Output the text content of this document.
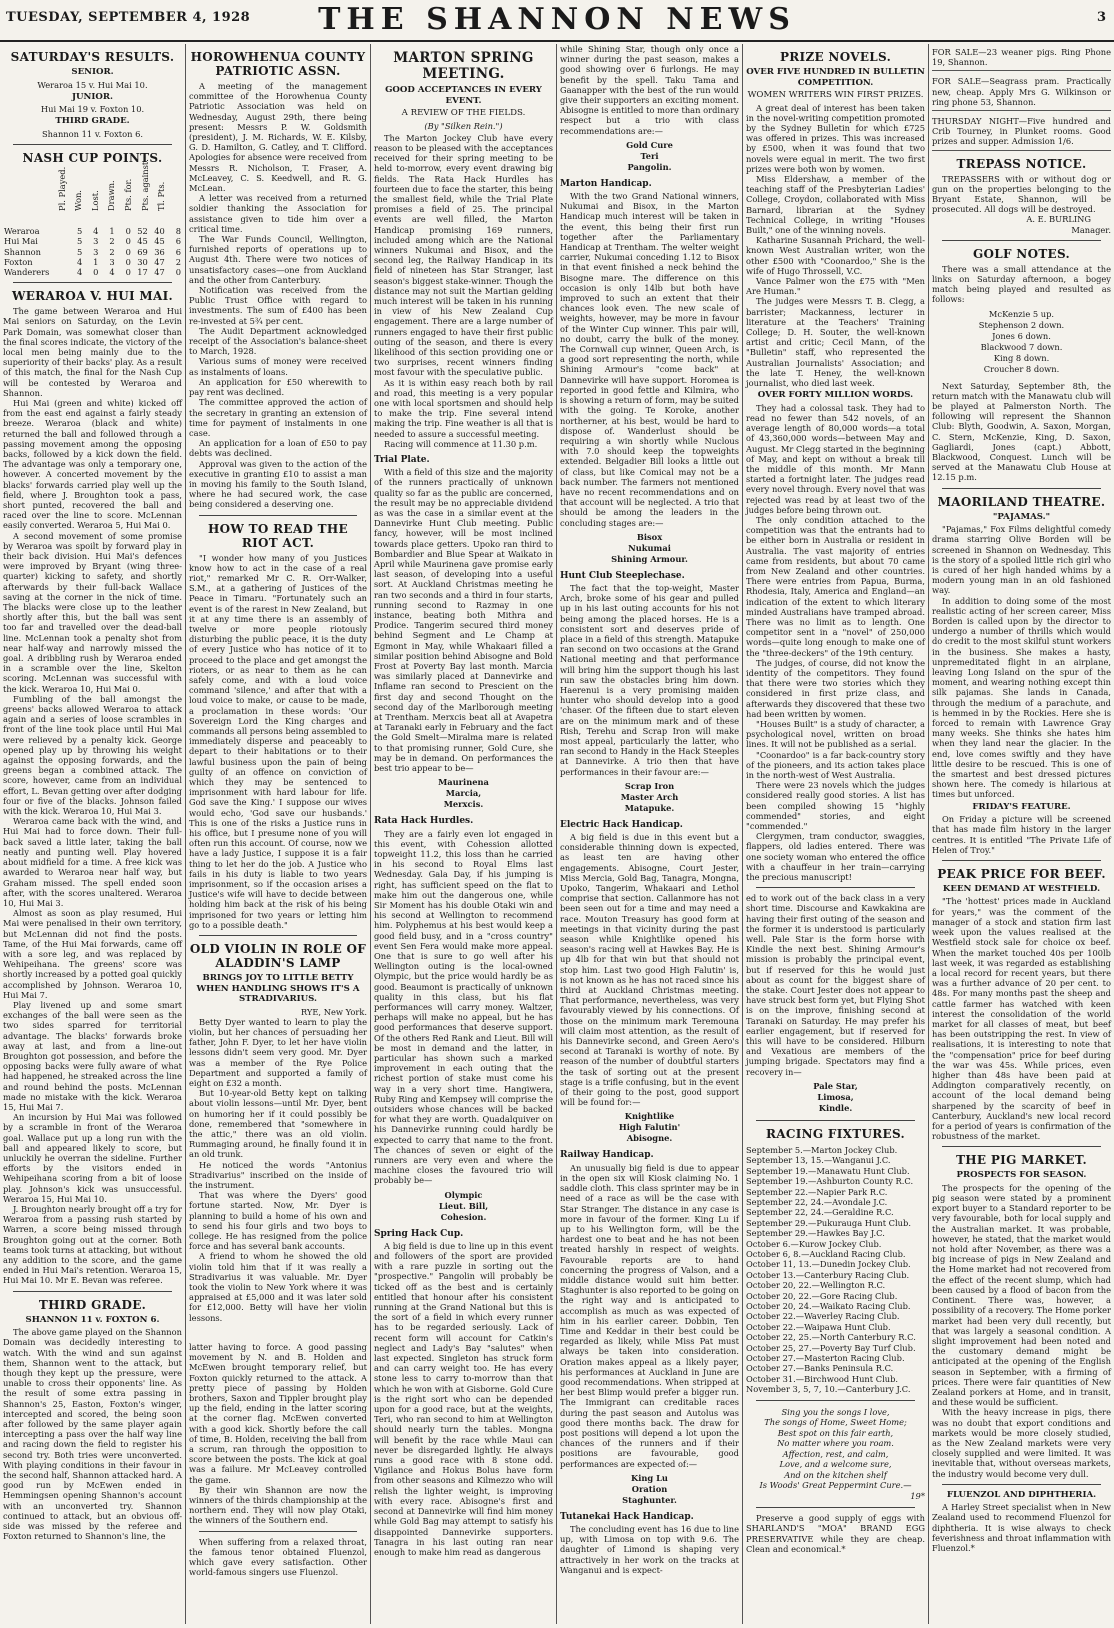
TUESDAY, SEPTEMBER 4, 1928	THE SHANNON NEWS	3
SATURDAY'S RESULTS.
SENIOR.
Weraroa 15 v. Hui Mai 10.
JUNIOR.
Hui Mai 19 v. Foxton 10.
THIRD GRADE.
Shannon 11 v. Foxton 6.
NASH CUP POINTS.
	Pl. Played.	Won.	Lost.	Drawn.	Pts. for.	Pts. against.	Tl. Pts.
Weraroa	5	4	1	0	52	40	8
Hui Mai	5	3	2	0	45	45	6
Shannon	5	3	2	0	69	36	6
Foxton	4	1	3	0	30	47	2
Wanderers	4	0	4	0	17	47	0
WERAROA V. HUI MAI.

The game between Weraroa and Hui Mai seniors on Saturday, on the Levin Park Domain, was somewhat closer than the final scores indicate, the victory of the local men being mainly due to the superiority of their backs' play. As a result of this match, the final for the Nash Cup will be contested by Weraroa and Shannon.

Hui Mai (green and white) kicked off from the east end against a fairly steady breeze. Weraroa (black and white) returned the ball and followed through a passing movement among the opposing backs, followed by a kick down the field. The advantage was only a temporary one, however. A concerted movement by the blacks' forwards carried play well up the field, where J. Broughton took a pass, short punted, recovered the ball and raced over the line to score. McLennan easily converted. Weraroa 5, Hui Mai 0.

A second movement of some promise by Weraroa was spoilt by forward play in their back division. Hui Mai's defences were improved by Bryant (wing three-quarter) kicking to safety, and shortly afterwards by their full-back Wallace saving at the corner in the nick of time. The blacks were close up to the leather shortly after this, but the ball was sent too far and travelled over the dead-ball line. McLennan took a penalty shot from near half-way and narrowly missed the goal. A dribbling rush by Weraroa ended in a scramble over the line, Skelton scoring. McLennan was successful with the kick. Weraroa 10, Hui Mai 0.

Fumbling of the ball amongst the greens' backs allowed Weraroa to attack again and a series of loose scrambles in front of the line took place until Hui Mai were relieved by a penalty kick. George opened play up by throwing his weight against the opposing forwards, and the greens began a combined attack. The score, however, came from an individual effort, L. Bevan getting over after dodging four or five of the blacks. Johnson failed with the kick. Weraroa 10, Hui Mai 3.

Weraroa came back with the wind, and Hui Mai had to force down. Their full-back saved a little later, taking the ball neatly and punting well. Play hovered about midfield for a time. A free kick was awarded to Weraroa near half way, but Graham missed. The spell ended soon after, with the scores unaltered. Weraroa 10, Hui Mai 3.

Almost as soon as play resumed, Hui Mai were penalised in their own territory, but McLennan did not find the posts. Tame, of the Hui Mai forwards, came off with a sore leg, and was replaced by Wehipeihana. The greens' score was shortly increased by a potted goal quickly accomplished by Johnson. Weraroa 10, Hui Mai 7.

Play livened up and some smart exchanges of the ball were seen as the two sides sparred for territorial advantage. The blacks' forwards broke away at last, and from a line-out Broughton got possession, and before the opposing backs were fully aware of what had happened, he streaked across the line and round behind the posts. McLennan made no mistake with the kick. Weraroa 15, Hui Mai 7.

An incursion by Hui Mai was followed by a scramble in front of the Weraroa goal. Wallace put up a long run with the ball and appeared likely to score, but unluckily he overran the sideline. Further efforts by the visitors ended in Wehipeihana scoring from a bit of loose play. Johnson's kick was unsuccessful. Weraroa 15, Hui Mai 10.

J. Broughton nearly brought off a try for Weraroa from a passing rush started by Warren, a score being missed through Broughton going out at the corner. Both teams took turns at attacking, but without any addition to the score, and the game ended in Hui Mai's retention. Weraroa 15, Hui Mai 10. Mr E. Bevan was referee.

THIRD GRADE.
SHANNON 11 v. FOXTON 6.

The above game played on the Shannon Domain was decidedly interesting to watch. With the wind and sun against them, Shannon went to the attack, but though they kept up the pressure, were unable to cross their opponents' line. As the result of some extra passing in Shannon's 25, Easton, Foxton's winger, intercepted and scored, the being soon after followed by the same player again intercepting a pass over the half way line and racing down the field to register his second try. Both tries were unconverted. With playing conditions in their favour in the second half, Shannon attacked hard. A good run by McEwen ended in Hemmingsen opening Shannon's account with an unconverted try. Shannon continued to attack, but an obvious off-side was missed by the referee and Foxton returned to Shannon's line, the

HOROWHENUA COUNTY PATRIOTIC ASSN.

A meeting of the management committee of the Horowhenua County Patriotic Association was held on Wednesday, August 29th, there being present: Messrs P. W. Goldsmith (president), J. M. Richards, W. E. Kilsby, G. D. Hamilton, G. Catley, and T. Clifford. Apologies for absence were received from Messrs R. Nicholson, T. Fraser, A. McLeavey, C. S. Keedwell, and R. G. McLean.

A letter was received from a returned soldier thanking the Association for assistance given to tide him over a critical time.

The War Funds Council, Wellington, furnished reports of operations up to August 4th. There were two notices of unsatisfactory cases—one from Auckland and the other from Canterbury.

Notification was received from the Public Trust Office with regard to investments. The sum of £400 has been re-invested at 5¾ per cent.

The Audit Department acknowledged receipt of the Association's balance-sheet to March, 1928.

Various sums of money were received as instalments of loans.

An application for £50 wherewith to pay rent was declined.

The committee approved the action of the secretary in granting an extension of time for payment of instalments in one case.

An application for a loan of £50 to pay debts was declined.

Approval was given to the action of the executive in granting £10 to assist a man in moving his family to the South Island, where he had secured work, the case being considered a deserving one.

HOW TO READ THE RIOT ACT.

"I wonder how many of you Justices know how to act in the case of a real riot," remarked Mr C. R. Orr-Walker, S.M., at a gathering of Justices of the Peace in Timaru. "Fortunately such an event is of the rarest in New Zealand, but it at any time there is an assembly of twelve or more people riotously disturbing the public peace, it is the duty of every Justice who has notice of it to proceed to the place and get amongst the rioters, or as near to them as he can safely come, and with a loud voice command 'silence,' and after that with a loud voice to make, or cause to be made, a proclamation in these words: 'Our Sovereign Lord the King charges and commands all persons being assembled to immediately disperse and peaceably to depart to their habitations or to their lawful business upon the pain of being guilty of an offence on conviction of which they may be sentenced to imprisonment with hard labour for life. God save the King.' I suppose our wives would echo, 'God save our husbands.' This is one of the risks a Justice runs in his office, but I presume none of you will often run this account. Of course, now we have a lady Justice, I suppose it is a fair thing to let her do the job. A Justice who fails in his duty is liable to two years imprisonment, so if the occasion arises a Justice's wife will have to decide between holding him back at the risk of his being imprisoned for two years or letting him go to a possible death."

OLD VIOLIN IN ROLE OF ALADDIN'S LAMP
BRINGS JOY TO LITTLE BETTY WHEN HANDLING SHOWS IT'S A STRADIVARIUS.
RYE, New York.

Betty Dyer wanted to learn to play the violin, but her chances of persuading her father, John F. Dyer, to let her have violin lessons didn't seem very good. Mr. Dyer was a member of the Rye Police Department and supported a family of eight on £32 a month.

But 10-year-old Betty kept on talking about violin lessons—until Mr. Dyer, bent on humoring her if it could possibly be done, remembered that "somewhere in the attic," there was an old violin. Rummaging around, he finally found it in an old trunk.

He noticed the words "Antonius Stradivarius" inscribed on the inside of the instrument.

That was where the Dyers' good fortune started. Now, Mr. Dyer is planning to build a home of his own and to send his four girls and two boys to college. He has resigned from the police force and has several bank accounts.

A friend to whom he showed the old violin told him that if it was really a Stradivarius it was valuable. Mr. Dyer took the violin to New York where it was appraised at £5,000 and it was later sold for £12,000. Betty will have her violin lessons.

latter having to force. A good passing movement by N. and B. Holden and McEwen brought temporary relief, but Foxton quickly returned to the attack. A pretty piece of passing by Holden brothers, Saxon and Tippler brought play up the field, ending in the latter scoring at the corner flag. McEwen converted with a good kick. Shortly before the call of time, B. Holden, receiving the ball from a scrum, ran through the opposition to score between the posts. The kick at goal was a failure. Mr McLeavey controlled the game.

By their win Shannon are now the winners of the thirds championship at the northern end. They will now play Otaki, the winners of the Southern end.

When suffering from a relaxed throat, the famous tenor obtained Fluenzol, which gave every satisfaction. Other world-famous singers use Fluenzol.

MARTON SPRING MEETING.
GOOD ACCEPTANCES IN EVERY EVENT.
A REVIEW OF THE FIELDS.
(By "Silken Rein.")

The Marton Jockey Club have every reason to be pleased with the acceptances received for their spring meeting to be held to-morrow, every event drawing big fields. The Rata Hack Hurdles has fourteen due to face the starter, this being the smallest field, while the Trial Plate promises a field of 25. The principal events are well filled, the Marton Handicap promising 169 runners, included among which are the National winners Nukumai and Bisox, and the second leg, the Railway Handicap in its field of nineteen has Star Stranger, last season's biggest stake-winner. Though the distance may not suit the Martian gelding much interest will be taken in his running in view of his New Zealand Cup engagement. There are a large number of runners engaged to have their first public outing of the season, and there is every likelihood of this section providing one or two surprises, recent winners finding most favour with the speculative public.

As it is within easy reach both by rail and road, this meeting is a very popular one with local sportsmen and should help to make the trip. Fine several intend making the trip. Fine weather is all that is needed to assure a successful meeting.

Racing will commence at 11.30 p.m.

Trial Plate.

With a field of this size and the majority of the runners practically of unknown quality so far as the public are concerned, the result may be no appreciable dividend as was the case in a similar event at the Dannevirke Hunt Club meeting. Public fancy, however, will be most inclined towards place getters. Upoko ran third to Bombardier and Blue Spear at Waikato in April while Maurinena gave promise early last season, of developing into a useful sort. At Auckland Christmas meeting he ran two seconds and a third in four starts, running second to Razmay in one instance, beating both Mithra and Prodice. Tangerim secured third money behind Segment and Le Champ at Egmont in May, while Whakaari filled a similar position behind Abisogne and Bold Frost at Poverty Bay last month. Marcia was similarly placed at Dannevirke and Inflame ran second to Prescient on the first day and second Thought on the second day of the Marlborough meeting at Trentham. Merxcis beat all at Avapetra at Taranaki early in February and the fact the Gold Smelt—Miralma mare is related to that promising runner, Gold Cure, she may be in demand. On performances the best trio appear to be—

Maurinena
Marcia,
Merxcis.
Rata Hack Hurdles.

They are a fairly even lot engaged in this event, with Cohession allotted topweight 11.2, this loss than he carried in his second to Royal Elms last Wednesday. Gala Day, if his jumping is right, has sufficient speed on the flat to make him out the dangerous one, while Sir Moment has his double Otaki win and his second at Wellington to recommend him. Polyphemus at his best would keep a good field busy, and in a "cross country" event Sen Fera would make more appeal. One that is sure to go well after his Wellington outing is the local-owned Olympic, but the price would hardly be as good. Beaumont is practically of unknown quality in this class, but his flat performances will carry money. Waltzer, perhaps will make no appeal, but he has good performances that deserve support. Of the others Red Rank and Lieut. Bill will be most in demand and the latter, in particular has shown such a marked improvement in each outing that the richest portion of stake must come his way in a very short time. Hangiwera, Ruby Ring and Kempsey will comprise the outsiders whose chances will be backed for what they are worth. Quadalquiver on his Dannevirke running could hardly be expected to carry that name to the front. The chances of seven or eight of the runners are very even and where the machine closes the favoured trio will probably be—

Olympic
Lieut. Bill,
Cohesion.
Spring Hack Cup.

A big field is due to line up in this event and followers of the sport are provided with a rare puzzle in sorting out the "prospective." Pangolin will probably be ticked off as the best and is certainly entitled that honour after his consistent running at the Grand National but this is the sort of a field in which every runner has to be regarded seriously. Lack of recent form will account for Catkin's neglect and Lady's Bay "salutes" when last expected. Singleton has struck form and can carry weight too. He has every stone less to carry to-morrow than that which he won with at Gisborne. Gold Cure is the right sort who can be depended upon for a good race, but at the weights, Teri, who ran second to him at Wellington should nearly turn the tables. Mongna will benefit by the race while Maui can never be disregarded lightly. He always runs a good race with 8 stone odd. Vigilance and Hokus Bolus have form from other seasons and Kilmezzo who will relish the lighter weight, is improving with every race. Abisogne's first and second at Dannevirke will find him money while Gold Bag may attempt to satisfy his disappointed Dannevirke supporters. Tanagra in his last outing ran near enough to make him read as dangerous

while Shining Star, though only once a winner during the past season, makes a good showing over 6 furlongs. He may benefit by the spell. Taku Tama and Gaanapper with the best of the run would give their supporters an exciting moment. Abisogne is entitled to more than ordinary respect but a trio with class recommendations are:—

Gold Cure
Teri
Pangolin.
Marton Handicap.

With the two Grand National winners, Nukumai and Bisox, in the Marton Handicap much interest will be taken in the event, this being their first run together after the Parliamentary Handicap at Trentham. The welter weight carrier, Nukumai conceding 1.12 to Bisox in that event finished a neck behind the Bisogne mare. The difference on this occasion is only 14lb but both have improved to such an extent that their chances look even. The new scale of weights, however, may be more in favour of the Winter Cup winner. This pair will, no doubt, carry the bulk of the money. The Cornwall cup winner, Queen Arch, is a good sort representing the north, while Shining Armour's "come back" at Dannevirke will have support. Horomea is reported in good fettle and Kilmira, who is showing a return of form, may be suited with the going. Te Koroke, another northerner, at his best, would be hard to dispose of. Wanderlust should be requiring a win shortly while Nuclous with 7.0 should keep the topweights extended. Belgadier Bill looks a little out of class, but like Comical may not be a back number. The farmers not mentioned have no recent recommendations and on that account will be neglected. A trio that should be among the leaders in the concluding stages are:—

Bisox
Nukumai
Shining Armour.
Hunt Club Steeplechase.

The fact that the top-weight, Master Arch, broke some of his gear and pulled up in his last outing accounts for his not being among the placed horses. He is a consistent sort and deserves pride of place in a field of this strength. Matapuke ran second on two occasions at the Grand National meeting and that performance will bring him the support though his last run saw the obstacles bring him down. Haerenui is a very promising maiden hunter who should develop into a good 'chaser. Of the fifteen due to start eleven are on the minimum mark and of these Rish, Terehu and Scrap Iron will make most appeal, particularly the latter, who ran second to Handy in the Hack Steeples at Dannevirke. A trio then that have performances in their favour are:—

Scrap Iron
Master Arch
Matapuke.
Electric Hack Handicap.

A big field is due in this event but a considerable thinning down is expected, as least ten are having other engagements. Abisogne, Court Jester, Miss Mercia, Gold Bag, Tanagra, Mongna, Upoko, Tangerim, Whakaari and Lethol comprise that section. Callanmore has not been seen out for a time and may need a race. Mouton Treasury has good form at meetings in that vicinity during the past season while Knightlike opened his season's racing well at Hawkes Bay. He is up 4lb for that win but that should not stop him. Last two good High Falutin' is, is not known as he has not raced since his third at Auckland Christmas meeting. That performance, nevertheless, was very favourably viewed by his connections. Of those on the minimum mark Teremouna will claim most attention, as the result of his Dannevirke second, and Green Aero's second at Taranaki is worthy of note. By reason of the number of doubtful starters the task of sorting out at the present stage is a trifle confusing, but in the event of their going to the post, good support will be found for:—

Knightlike
High Falutin'
Abisogne.
Railway Handicap.

An unusually big field is due to appear in the open six will Kiosk claiming No. 1 saddle cloth. This class sprinter may be in need of a race as will be the case with Star Stranger. The distance in any case is more in favour of the former. King Lu if up to his Wellington form, will be the hardest one to beat and he has not been treated harshly in respect of weights. Favourable reports are to hand concerning the progress of Valson, and a middle distance would suit him better. Staghunter is also reported to be going on the right way and is anticipated to accomplish as much as was expected of him in his earlier career. Dobbin, Ten Time and Keddar in their best could be regarded as likely, while Miss Pat must always be taken into consideration. Oration makes appeal as a likely payer, his performances at Auckland in June are good recommendations. When stripped at her best Blimp would prefer a bigger run. The Immigrant can creditable races during the past season and Autolus was good there months back. The draw for post positions will depend a lot upon the chances of the runners and if their positions are favourable, good performances are expected of:—

King Lu
Oration
Staghunter.
Tutanekai Hack Handicap.

The concluding event has 16 due to line up, with Limosa on top with 9.6. The daughter of Limond is shaping very attractively in her work on the tracks at Wanganui and is expect-

PRIZE NOVELS.
OVER FIVE HUNDRED IN BULLETIN COMPETITION.
WOMEN WRITERS WIN FIRST PRIZES.

A great deal of interest has been taken in the novel-writing competition promoted by the Sydney Bulletin for which £725 was offered in prizes. This was increased by £500, when it was found that two novels were equal in merit. The two first prizes were both won by women.

Miss Eldershaw, a member of the teaching staff of the Presbyterian Ladies' College, Croydon, collaborated with Miss Barnard, librarian at the Sydney Technical College, in writing "Houses Built," one of the winning novels.

Katharine Susannah Prichard, the well-known West Australian writer, won the other £500 with "Coonardoo," She is the wife of Hugo Throssell, V.C.

Vance Palmer won the £75 with "Men Are Human."

The judges were Messrs T. B. Clegg, a barrister; Mackanness, lecturer in literature at the Teachers' Training College; D. H. Souter, the well-known artist and critic; Cecil Mann, of the "Bulletin" staff, who represented the Australian Journalists' Association; and the late T. Heney, the well-known journalist, who died last week.

OVER FORTY MILLION WORDS.

They had a colossal task. They had to read no fewer than 542 novels, of an average length of 80,000 words—a total of 43,360,000 words—between May and August. Mr Clegg started in the beginning of May, and kept on without a break till the middle of this month. Mr Mann started a fortnight later. The judges read every novel through. Every novel that was rejected was read by at least two of the judges before being thrown out.

The only condition attached to the competition was that the entrants had to be either born in Australia or resident in Australia. The vast majority of entries came from residents, but about 70 came from New Zealand and other countries. There were entries from Papua, Burma, Rhodesia, Italy, America and England—an indication of the extent to which literary minded Australians have tramped abroad. There was no limit as to length. One competitor sent in a "novel" of 250,000 words—quite long enough to make one of the "three-deckers" of the 19th century.

The judges, of course, did not know the identity of the competitors. They found that there were two stories which they considered in first prize class, and afterwards they discovered that these two had been written by women.

"Houses Built" is a study of character, a psychological novel, written on broad lines. It will not be published as a serial.

"Coonardoo" is a far back-country story of the pioneers, and its action takes place in the north-west of West Australia.

There were 23 novels which the judges considered really good stories. A list has been compiled showing 15 "highly commended" stories, and eight "commended."

Clergymen, tram conductor, swaggies, flappers, old ladies entered. There was one society woman who entered the office with a chauffeur in her train—carrying the precious manuscript!

ed to work out of the back class in a very short time. Discourse and Kawkakina are having their first outing of the season and the former it is understood is particularly well. Pale Star is the form horse with Kindle the next best. Shining Armour's mission is probably the principal event, but if reserved for this he would just about as count for the biggest share of the stake. Court Jester does not appear to have struck best form yet, but Flying Shot is on the improve, finishing second at Taranaki on Saturday. He may prefer his earlier engagement, but if reserved for this will have to be considered. Hilburn and Vexatious are members of the jumping brigade. Spectators may find a recovery in—

Pale Star,
Limosa,
Kindle.
RACING FIXTURES.
September 5.—Marton Jockey Club.
September 13, 15.—Wanganui J.C.
September 19.—Manawatu Hunt Club.
September 19.—Ashburton County R.C.
September 22.—Napier Park R.C.
September 22, 24.—Avondale J.C.
September 22, 24.—Geraldine R.C.
September 29.—Pukurauga Hunt Club.
September 29.—Hawkes Bay J.C.
October 6.—Kurow Jockey Club.
October 6, 8.—Auckland Racing Club.
October 11, 13.—Dunedin Jockey Club.
October 13.—Canterbury Racing Club.
October 20, 22.—Wellington R.C.
October 20, 22.—Gore Racing Club.
October 20, 24.—Waikato Racing Club.
October 22.—Waverley Racing Club.
October 22.—Waipawa Hunt Club.
October 22, 25.—North Canterbury R.C.
October 25, 27.—Poverty Bay Turf Club.
October 27.—Masterton Racing Club.
October 27.—Banks Peninsula R.C.
October 31.—Birchwood Hunt Club.
November 3, 5, 7, 10.—Canterbury J.C.
Sing you the songs I love,
The songs of Home, Sweet Home;
Best spot on this fair earth,
No matter where you roam.
Affection, rest, and calm,
Love, and a welcome sure,
And on the kitchen shelf
Is Woods' Great Peppermint Cure.—
19*

Preserve a good supply of eggs with SHARLAND'S "MOA" BRAND EGG PRESERVATIVE while they are cheap. Clean and economical.*

FOR SALE—23 weaner pigs. Ring Phone 19, Shannon.

FOR SALE—Seagrass pram. Practically new, cheap. Apply Mrs G. Wilkinson or ring phone 53, Shannon.

THURSDAY NIGHT—Five hundred and Crib Tourney, in Plunket rooms. Good prizes and supper. Admission 1/6.

TREPASS NOTICE.

TREPASSERS with or without dog or gun on the properties belonging to the Bryant Estate, Shannon, will be prosecuted. All dogs will be destroyed.

A. E. BURLING
Manager.
GOLF NOTES.

There was a small attendance at the links on Saturday afternoon, a bogey match being played and resulted as follows:

McKenzie 5 up.
Stephenson 2 down.
Jones 6 down.
Blackwood 7 down.
King 8 down.
Croucher 8 down.

Next Saturday, September 8th, the return match with the Manawatu club will be played at Palmerston North. The following will represent the Shannon Club: Blyth, Goodwin, A. Saxon, Morgan, C. Stern, McKenzie, King, D. Saxon, Gagliardi, Jones (capt.) Abbott, Blackwood, Conquest. Lunch will be served at the Manawatu Club House at 12.15 p.m.

MAORILAND THEATRE.
"PAJAMAS."

"Pajamas," Fox Films delightful comedy drama starring Olive Borden will be screened in Shannon on Wednesday. This is the story of a spoiled little rich girl who is cured of her high handed whims by a modern young man in an old fashioned way.

In addition to doing some of the most realistic acting of her screen career, Miss Borden is called upon by the director to undergo a number of thrills which would do credit to the most skilful stunt workers in the business. She makes a hasty, unpremeditated flight in an airplane, leaving Long Island on the spur of the moment, and wearing nothing except thin silk pajamas. She lands in Canada, through the medium of a parachute, and is hemmed in by the Rockies. Here she is forced to remain with Lawrence Gray many weeks. She thinks she hates him when they land near the glacier. In the end, love comes swiftly and they have little desire to be rescued. This is one of the smartest and best dressed pictures shown here. The comedy is hilarious at times but unforced.

FRIDAY'S FEATURE.

On Friday a picture will be screened that has made film history in the larger centres. It is entitled "The Private Life of Helen of Troy."

PEAK PRICE FOR BEEF.
KEEN DEMAND AT WESTFIELD.

"The 'hottest' prices made in Auckland for years," was the comment of the manager of a stock and station firm last week upon the values realised at the Westfield stock sale for choice ox beef. When the market touched 40s per 100lb last week, it was regarded as establishing a local record for recent years, but there was a further advance of 20 per cent. to 48s. For many months past the sheep and cattle farmer has watched with keen interest the consolidation of the world market for all classes of meat, but beef has been outstripping the rest. In view of realisations, it is interesting to note that the "compensation" price for beef during the war was 45s. While prices, even higher than 48s have been paid at Addington comparatively recently, on account of the local demand being sharpened by the scarcity of beef in Canterbury, Auckland's new local record for a period of years is confirmation of the robustness of the market.

THE PIG MARKET.
PROSPECTS FOR SEASON.

The prospects for the opening of the pig season were stated by a prominent export buyer to a Standard reporter to be very favourable, both for local supply and the Australian market. It was probable, however, he stated, that the market would not hold after November, as there was a big increase of pigs in New Zealand and the Home market had not recovered from the effect of the recent slump, which had been caused by a flood of bacon from the Continent. There was, however, a possibility of a recovery. The Home porker market had been very dull recently, but that was largely a seasonal condition. A slight improvement had been noted and the customary demand might be anticipated at the opening of the English season in September, with a firming of prices. There were fair quantities of New Zealand porkers at Home, and in transit, and these would be sufficient.

With the heavy increase in pigs, there was no doubt that export conditions and markets would be more closely studied, as the New Zealand markets were very closely supplied and were limited. It was inevitable that, without overseas markets, the industry would become very dull.

FLUENZOL AND DIPHTHERIA.

A Harley Street specialist when in New Zealand used to recommend Fluenzol for diphtheria. It is wise always to check feverishness and throat inflammation with Fluenzol.*
